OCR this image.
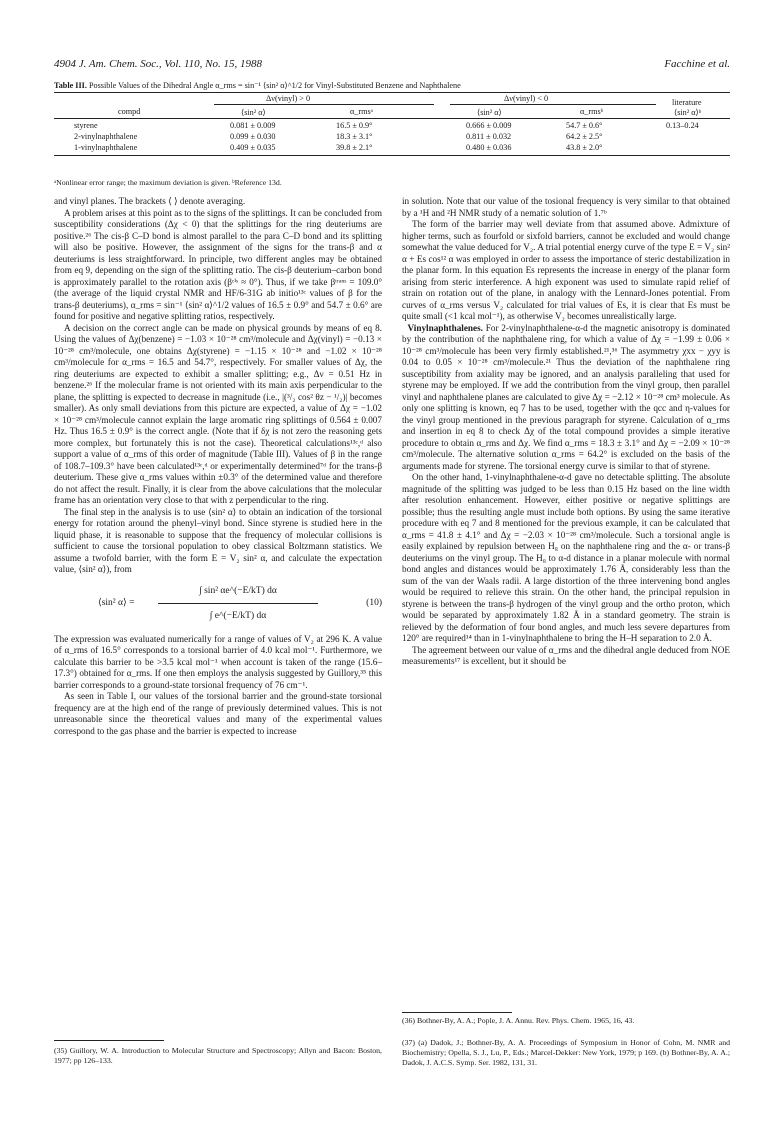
4904 J. Am. Chem. Soc., Vol. 110, No. 15, 1988	Facchine et al.
Table III. Possible Values of the Dihedral Angle α_rms = sin⁻¹ ⟨sin² α⟩^1/2 for Vinyl-Substituted Benzene and Naphthalene
Δν(vinyl) > 0	Δν(vinyl) < 0	literature
compd	⟨sin² α⟩	α_rmsᵃ	⟨sin² α⟩	α_rmsᵇ	⟨sin² α⟩ᵇ
styrene	0.081 ± 0.009	16.5 ± 0.9°	0.666 ± 0.009	54.7 ± 0.6°	0.13–0.24
2-vinylnaphthalene	0.099 ± 0.030	18.3 ± 3.1°	0.811 ± 0.032	64.2 ± 2.5°
1-vinylnaphthalene	0.409 ± 0.035	39.8 ± 2.1°	0.480 ± 0.036	43.8 ± 2.0°
ᵃNonlinear error range; the maximum deviation is given. ᵇReference 13d.

and vinyl planes. The brackets ⟨ ⟩ denote averaging.

A problem arises at this point as to the signs of the splittings. It can be concluded from susceptibility considerations (Δχ < 0) that the splittings for the ring deuteriums are positive.²⁶ The cis-β C–D bond is almost parallel to the para C–D bond and its splitting will also be positive. However, the assignment of the signs for the trans-β and α deuteriums is less straightforward. In principle, two different angles may be obtained from eq 9, depending on the sign of the splitting ratio. The cis-β deuterium–carbon bond is approximately parallel to the rotation axis (βᶜⁱˢ ≈ 0°). Thus, if we take βᵗʳᵃⁿˢ = 109.0° (the average of the liquid crystal NMR and HF/6-31G ab initio¹³ᶜ values of β for the trans-β deuteriums), α_rms = sin⁻¹ ⟨sin² α⟩^1/2 values of 16.5 ± 0.9° and 54.7 ± 0.6° are found for positive and negative splitting ratios, respectively.

A decision on the correct angle can be made on physical grounds by means of eq 8. Using the values of Δχ(benzene) = −1.03 × 10⁻²⁸ cm³/molecule and Δχ(vinyl) = −0.13 × 10⁻²⁸ cm³/molecule, one obtains Δχ(styrene) = −1.15 × 10⁻²⁸ and −1.02 × 10⁻²⁸ cm³/molecule for α_rms = 16.5 and 54.7°, respectively. For smaller values of Δχ, the ring deuteriums are expected to exhibit a smaller splitting; e.g., Δν = 0.51 Hz in benzene.²⁶ If the molecular frame is not oriented with its main axis perpendicular to the plane, the splitting is expected to decrease in magnitude (i.e., |(³/₂ cos² θz − ¹/₂)| becomes smaller). As only small deviations from this picture are expected, a value of Δχ = −1.02 × 10⁻²⁸ cm³/molecule cannot explain the large aromatic ring splittings of 0.564 ± 0.007 Hz. Thus 16.5 ± 0.9° is the correct angle. (Note that if δχ is not zero the reasoning gets more complex, but fortunately this is not the case). Theoretical calculations¹³ᶜ,ᵈ also support a value of α_rms of this order of magnitude (Table III). Values of β in the range of 108.7–109.3° have been calculated¹³ᶜ,ᵈ or experimentally determined⁷ᵈ for the trans-β deuterium. These give α_rms values within ±0.3° of the determined value and therefore do not affect the result. Finally, it is clear from the above calculations that the molecular frame has an orientation very close to that with z perpendicular to the ring.

The final step in the analysis is to use ⟨sin² α⟩ to obtain an indication of the torsional energy for rotation around the phenyl–vinyl bond. Since styrene is studied here in the liquid phase, it is reasonable to suppose that the frequency of molecular collisions is sufficient to cause the torsional population to obey classical Boltzmann statistics. We assume a twofold barrier, with the form E = V₂ sin² α, and calculate the expectation value, ⟨sin² α⟩), from

⟨sin² α⟩ =
∫ sin² αe^(−E/kT) dα
∫ e^(−E/kT) dα
(10)

The expression was evaluated numerically for a range of values of V₂ at 296 K. A value of α_rms of 16.5° corresponds to a torsional barrier of 4.0 kcal mol⁻¹. Furthermore, we calculate this barrier to be >3.5 kcal mol⁻¹ when account is taken of the range (15.6–17.3°) obtained for α_rms. If one then employs the analysis suggested by Guillory,³⁵ this barrier corresponds to a ground-state torsional frequency of 76 cm⁻¹.

As seen in Table I, our values of the torsional barrier and the ground-state torsional frequency are at the high end of the range of previously determined values. This is not unreasonable since the theoretical values and many of the experimental values correspond to the gas phase and the barrier is expected to increase

(35) Guillory, W. A. Introduction to Molecular Structure and Spectroscopy; Allyn and Bacon: Boston, 1977; pp 126–133.

in solution. Note that our value of the tosional frequency is very similar to that obtained by a ¹H and ²H NMR study of a nematic solution of 1.⁷ᵇ

The form of the barrier may well deviate from that assumed above. Admixture of higher terms, such as fourfold or sixfold barriers, cannot be excluded and would change somewhat the value deduced for V₂. A trial potential energy curve of the type E = V₂ sin² α + Es cos¹² α was employed in order to assess the importance of steric destabilization in the planar form. In this equation Es represents the increase in energy of the planar form arising from steric interference. A high exponent was used to simulate rapid relief of strain on rotation out of the plane, in analogy with the Lennard-Jones potential. From curves of α_rms versus V₂ calculated for trial values of Es, it is clear that Es must be quite small (<1 kcal mol⁻¹), as otherwise V₂ becomes unrealistically large.

Vinylnaphthalenes. For 2-vinylnaphthalene-α-d the magnetic anisotropy is dominated by the contribution of the naphthalene ring, for which a value of Δχ = −1.99 ± 0.06 × 10⁻²⁸ cm³/molecule has been very firmly established.²¹,³⁶ The asymmetry χxx − χyy is 0.04 to 0.05 × 10⁻²⁸ cm³/molecule.²¹ Thus the deviation of the naphthalene ring susceptibility from axiality may be ignored, and an analysis paralleling that used for styrene may be employed. If we add the contribution from the vinyl group, then parallel vinyl and naphthalene planes are calculated to give Δχ = −2.12 × 10⁻²⁸ cm³ molecule. As only one splitting is known, eq 7 has to be used, together with the qcc and η-values for the vinyl group mentioned in the previous paragraph for styrene. Calculation of α_rms and insertion in eq 8 to check Δχ of the total compound provides a simple iterative procedure to obtain α_rms and Δχ. We find α_rms = 18.3 ± 3.1° and Δχ = −2.09 × 10⁻²⁸ cm³/molecule. The alternative solution α_rms = 64.2° is excluded on the basis of the arguments made for styrene. The torsional energy curve is similar to that of styrene.

On the other hand, 1-vinylnaphthalene-α-d gave no detectable splitting. The absolute magnitude of the splitting was judged to be less than 0.15 Hz based on the line width after resolution enhancement. However, either positive or negative splittings are possible; thus the resulting angle must include both options. By using the same iterative procedure with eq 7 and 8 mentioned for the previous example, it can be calculated that α_rms = 41.8 ± 4.1° and Δχ = −2.03 × 10⁻²⁸ cm³/molecule. Such a torsional angle is easily explained by repulsion between H₈ on the naphthalene ring and the α- or trans-β deuteriums on the vinyl group. The H₈ to α-d distance in a planar molecule with normal bond angles and distances would be approximately 1.76 Å, considerably less than the sum of the van der Waals radii. A large distortion of the three intervening bond angles would be required to relieve this strain. On the other hand, the principal repulsion in styrene is between the trans-β hydrogen of the vinyl group and the ortho proton, which would be separated by approximately 1.82 Å in a standard geometry. The strain is relieved by the deformation of four bond angles, and much less severe departures from 120° are required¹⁴ than in 1-vinylnaphthalene to bring the H–H separation to 2.0 Å.

The agreement between our value of α_rms and the dihedral angle deduced from NOE measurements¹⁷ is excellent, but it should be

(36) Bothner-By, A. A.; Pople, J. A. Annu. Rev. Phys. Chem. 1965, 16, 43.
(37) (a) Dadok, J.; Bothner-By, A. A. Proceedings of Symposium in Honor of Cohn, M. NMR and Biochemistry; Opella, S. J., Lu, P., Eds.; Marcel-Dekker: New York, 1979; p 169. (b) Bothner-By, A. A.; Dadok, J. A.C.S. Symp. Ser. 1982, 131, 31.
